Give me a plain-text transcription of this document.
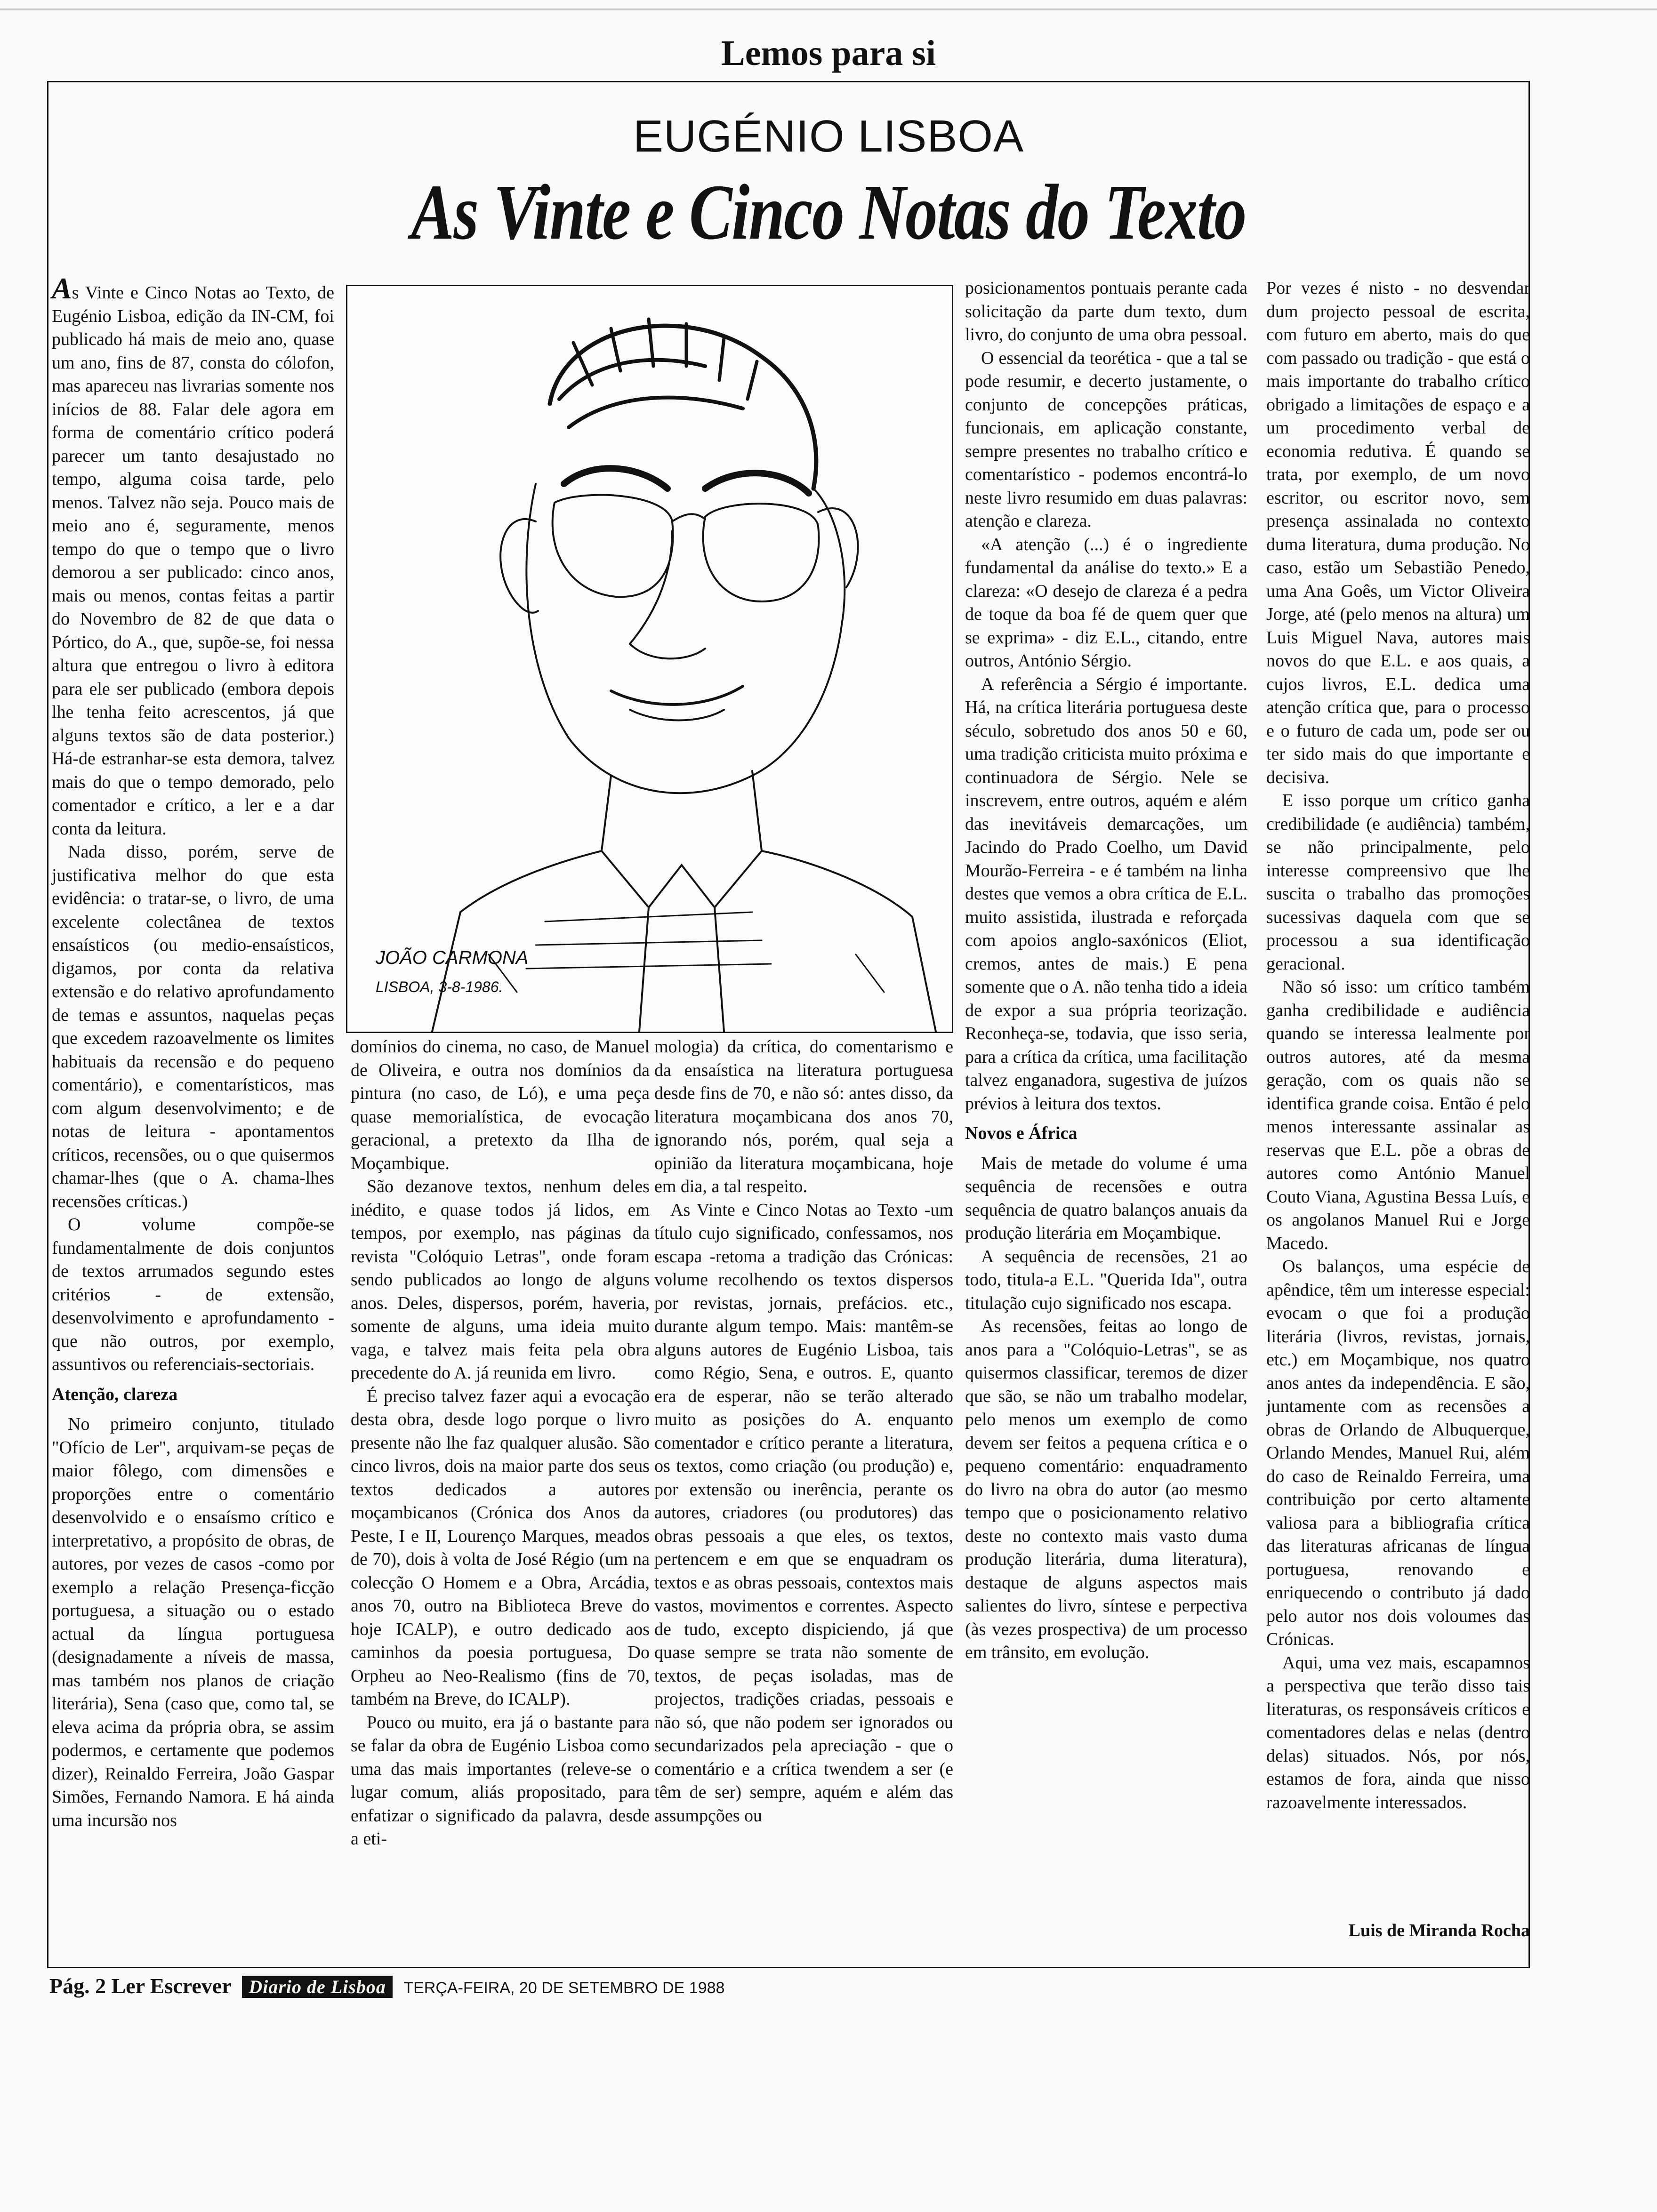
Lemos para si
EUGÉNIO LISBOA
As Vinte e Cinco Notas do Texto

As Vinte e Cinco Notas ao Texto, de Eugénio Lisboa, edição da IN-CM, foi publicado há mais de meio ano, quase um ano, fins de 87, consta do cólofon, mas apareceu nas livrarias somente nos inícios de 88. Falar dele agora em forma de comentário crítico poderá parecer um tanto desajustado no tempo, alguma coisa tarde, pelo menos. Talvez não seja. Pouco mais de meio ano é, seguramente, menos tempo do que o tempo que o livro demorou a ser publicado: cinco anos, mais ou menos, contas feitas a partir do Novembro de 82 de que data o Pórtico, do A., que, supõe-se, foi nessa altura que entregou o livro à editora para ele ser publicado (embora depois lhe tenha feito acrescentos, já que alguns textos são de data posterior.) Há-de estranhar-se esta demora, talvez mais do que o tempo demorado, pelo comentador e crítico, a ler e a dar conta da leitura.

Nada disso, porém, serve de justificativa melhor do que esta evidência: o tratar-se, o livro, de uma excelente colectânea de textos ensaísticos (ou medio-ensaísticos, digamos, por conta da relativa extensão e do relativo aprofundamento de temas e assuntos, naquelas peças que excedem razoavelmente os limites habituais da recensão e do pequeno comentário), e comentarísticos, mas com algum desenvolvimento; e de notas de leitura - apontamentos críticos, recensões, ou o que quisermos chamar-lhes (que o A. chama-lhes recensões críticas.)

O volume compõe-se fundamentalmente de dois conjuntos de textos arrumados segundo estes critérios - de extensão, desenvolvimento e aprofundamento - que não outros, por exemplo, assuntivos ou referenciais-sectoriais.

Atenção, clareza

No primeiro conjunto, titulado "Ofício de Ler", arquivam-se peças de maior fôlego, com dimensões e proporções entre o comentário desenvolvido e o ensaísmo crítico e interpretativo, a propósito de obras, de autores, por vezes de casos -como por exemplo a relação Presença-ficção portuguesa, a situação ou o estado actual da língua portuguesa (designadamente a níveis de massa, mas também nos planos de criação literária), Sena (caso que, como tal, se eleva acima da própria obra, se assim podermos, e certamente que podemos dizer), Reinaldo Ferreira, João Gaspar Simões, Fernando Namora. E há ainda uma incursão nos

domínios do cinema, no caso, de Manuel de Oliveira, e outra nos domínios da pintura (no caso, de Ló), e uma peça quase memorialística, de evocação geracional, a pretexto da Ilha de Moçambique.

São dezanove textos, nenhum deles inédito, e quase todos já lidos, em tempos, por exemplo, nas páginas da revista "Colóquio Letras", onde foram sendo publicados ao longo de alguns anos. Deles, dispersos, porém, haveria, somente de alguns, uma ideia muito vaga, e talvez mais feita pela obra precedente do A. já reunida em livro.

É preciso talvez fazer aqui a evocação desta obra, desde logo porque o livro presente não lhe faz qualquer alusão. São cinco livros, dois na maior parte dos seus textos dedicados a autores moçambicanos (Crónica dos Anos da Peste, I e II, Lourenço Marques, meados de 70), dois à volta de José Régio (um na colecção O Homem e a Obra, Arcádia, anos 70, outro na Biblioteca Breve do hoje ICALP), e outro dedicado aos caminhos da poesia portuguesa, Do Orpheu ao Neo-Realismo (fins de 70, também na Breve, do ICALP).

Pouco ou muito, era já o bastante para se falar da obra de Eugénio Lisboa como uma das mais importantes (releve-se o lugar comum, aliás propositado, para enfatizar o significado da palavra, desde a eti-

mologia) da crítica, do comentarismo e da ensaística na literatura portuguesa desde fins de 70, e não só: antes disso, da literatura moçambicana dos anos 70, ignorando nós, porém, qual seja a opinião da literatura moçambicana, hoje em dia, a tal respeito.

As Vinte e Cinco Notas ao Texto -um título cujo significado, confessamos, nos escapa -retoma a tradição das Crónicas: volume recolhendo os textos dispersos por revistas, jornais, prefácios. etc., durante algum tempo. Mais: mantêm-se alguns autores de Eugénio Lisboa, tais como Régio, Sena, e outros. E, quanto era de esperar, não se terão alterado muito as posições do A. enquanto comentador e crítico perante a literatura, os textos, como criação (ou produção) e, por extensão ou inerência, perante os autores, criadores (ou produtores) das obras pessoais a que eles, os textos, pertencem e em que se enquadram os textos e as obras pessoais, contextos mais vastos, movimentos e correntes. Aspecto de tudo, excepto dispiciendo, já que quase sempre se trata não somente de textos, de peças isoladas, mas de projectos, tradições criadas, pessoais e não só, que não podem ser ignorados ou secundarizados pela apreciação - que o comentário e a crítica twendem a ser (e têm de ser) sempre, aquém e além das assumpções ou

posicionamentos pontuais perante cada solicitação da parte dum texto, dum livro, do conjunto de uma obra pessoal.

O essencial da teorética - que a tal se pode resumir, e decerto justamente, o conjunto de concepções práticas, funcionais, em aplicação constante, sempre presentes no trabalho crítico e comentarístico - podemos encontrá-lo neste livro resumido em duas palavras: atenção e clareza.

«A atenção (...) é o ingrediente fundamental da análise do texto.» E a clareza: «O desejo de clareza é a pedra de toque da boa fé de quem quer que se exprima» - diz E.L., citando, entre outros, António Sérgio.

A referência a Sérgio é importante. Há, na crítica literária portuguesa deste século, sobretudo dos anos 50 e 60, uma tradição criticista muito próxima e continuadora de Sérgio. Nele se inscrevem, entre outros, aquém e além das inevitáveis demarcações, um Jacindo do Prado Coelho, um David Mourão-Ferreira - e é também na linha destes que vemos a obra crítica de E.L. muito assistida, ilustrada e reforçada com apoios anglo-saxónicos (Eliot, cremos, antes de mais.) E pena somente que o A. não tenha tido a ideia de expor a sua própria teorização. Reconheça-se, todavia, que isso seria, para a crítica da crítica, uma facilitação talvez enganadora, sugestiva de juízos prévios à leitura dos textos.

Novos e África

Mais de metade do volume é uma sequência de recensões e outra sequência de quatro balanços anuais da produção literária em Moçambique.

A sequência de recensões, 21 ao todo, titula-a E.L. "Querida Ida", outra titulação cujo significado nos escapa.

As recensões, feitas ao longo de anos para a "Colóquio-Letras", se as quisermos classificar, teremos de dizer que são, se não um trabalho modelar, pelo menos um exemplo de como devem ser feitos a pequena crítica e o pequeno comentário: enquadramento do livro na obra do autor (ao mesmo tempo que o posicionamento relativo deste no contexto mais vasto duma produção literária, duma literatura), destaque de alguns aspectos mais salientes do livro, síntese e perpectiva (às vezes prospectiva) de um processo em trânsito, em evolução.

Por vezes é nisto - no desvendar dum projecto pessoal de escrita, com futuro em aberto, mais do que com passado ou tradição - que está o mais importante do trabalho crítico obrigado a limitações de espaço e a um procedimento verbal de economia redutiva. É quando se trata, por exemplo, de um novo escritor, ou escritor novo, sem presença assinalada no contexto duma literatura, duma produção. No caso, estão um Sebastião Penedo, uma Ana Goês, um Victor Oliveira Jorge, até (pelo menos na altura) um Luis Miguel Nava, autores mais novos do que E.L. e aos quais, a cujos livros, E.L. dedica uma atenção crítica que, para o processo e o futuro de cada um, pode ser ou ter sido mais do que importante e decisiva.

E isso porque um crítico ganha credibilidade (e audiência) também, se não principalmente, pelo interesse compreensivo que lhe suscita o trabalho das promoções sucessivas daquela com que se processou a sua identificação geracional.

Não só isso: um crítico também ganha credibilidade e audiência quando se interessa lealmente por outros autores, até da mesma geração, com os quais não se identifica grande coisa. Então é pelo menos interessante assinalar as reservas que E.L. põe a obras de autores como António Manuel Couto Viana, Agustina Bessa Luís, e os angolanos Manuel Rui e Jorge Macedo.

Os balanços, uma espécie de apêndice, têm um interesse especial: evocam o que foi a produção literária (livros, revistas, jornais, etc.) em Moçambique, nos quatro anos antes da independência. E são, juntamente com as recensões a obras de Orlando de Albuquerque, Orlando Mendes, Manuel Rui, além do caso de Reinaldo Ferreira, uma contribuição por certo altamente valiosa para a bibliografia crítica das literaturas africanas de língua portuguesa, renovando e enriquecendo o contributo já dado pelo autor nos dois voloumes das Crónicas.

Aqui, uma vez mais, escapamnos a perspectiva que terão disso tais literaturas, os responsáveis críticos e comentadores delas e nelas (dentro delas) situados. Nós, por nós, estamos de fora, ainda que nisso razoavelmente interessados.

JOÃO CARMONA
LISBOA, 3-8-1986.
Luis de Miranda Rocha
Pág. 2 Ler Escrever Diario de Lisboa TERÇA-FEIRA, 20 DE SETEMBRO DE 1988
